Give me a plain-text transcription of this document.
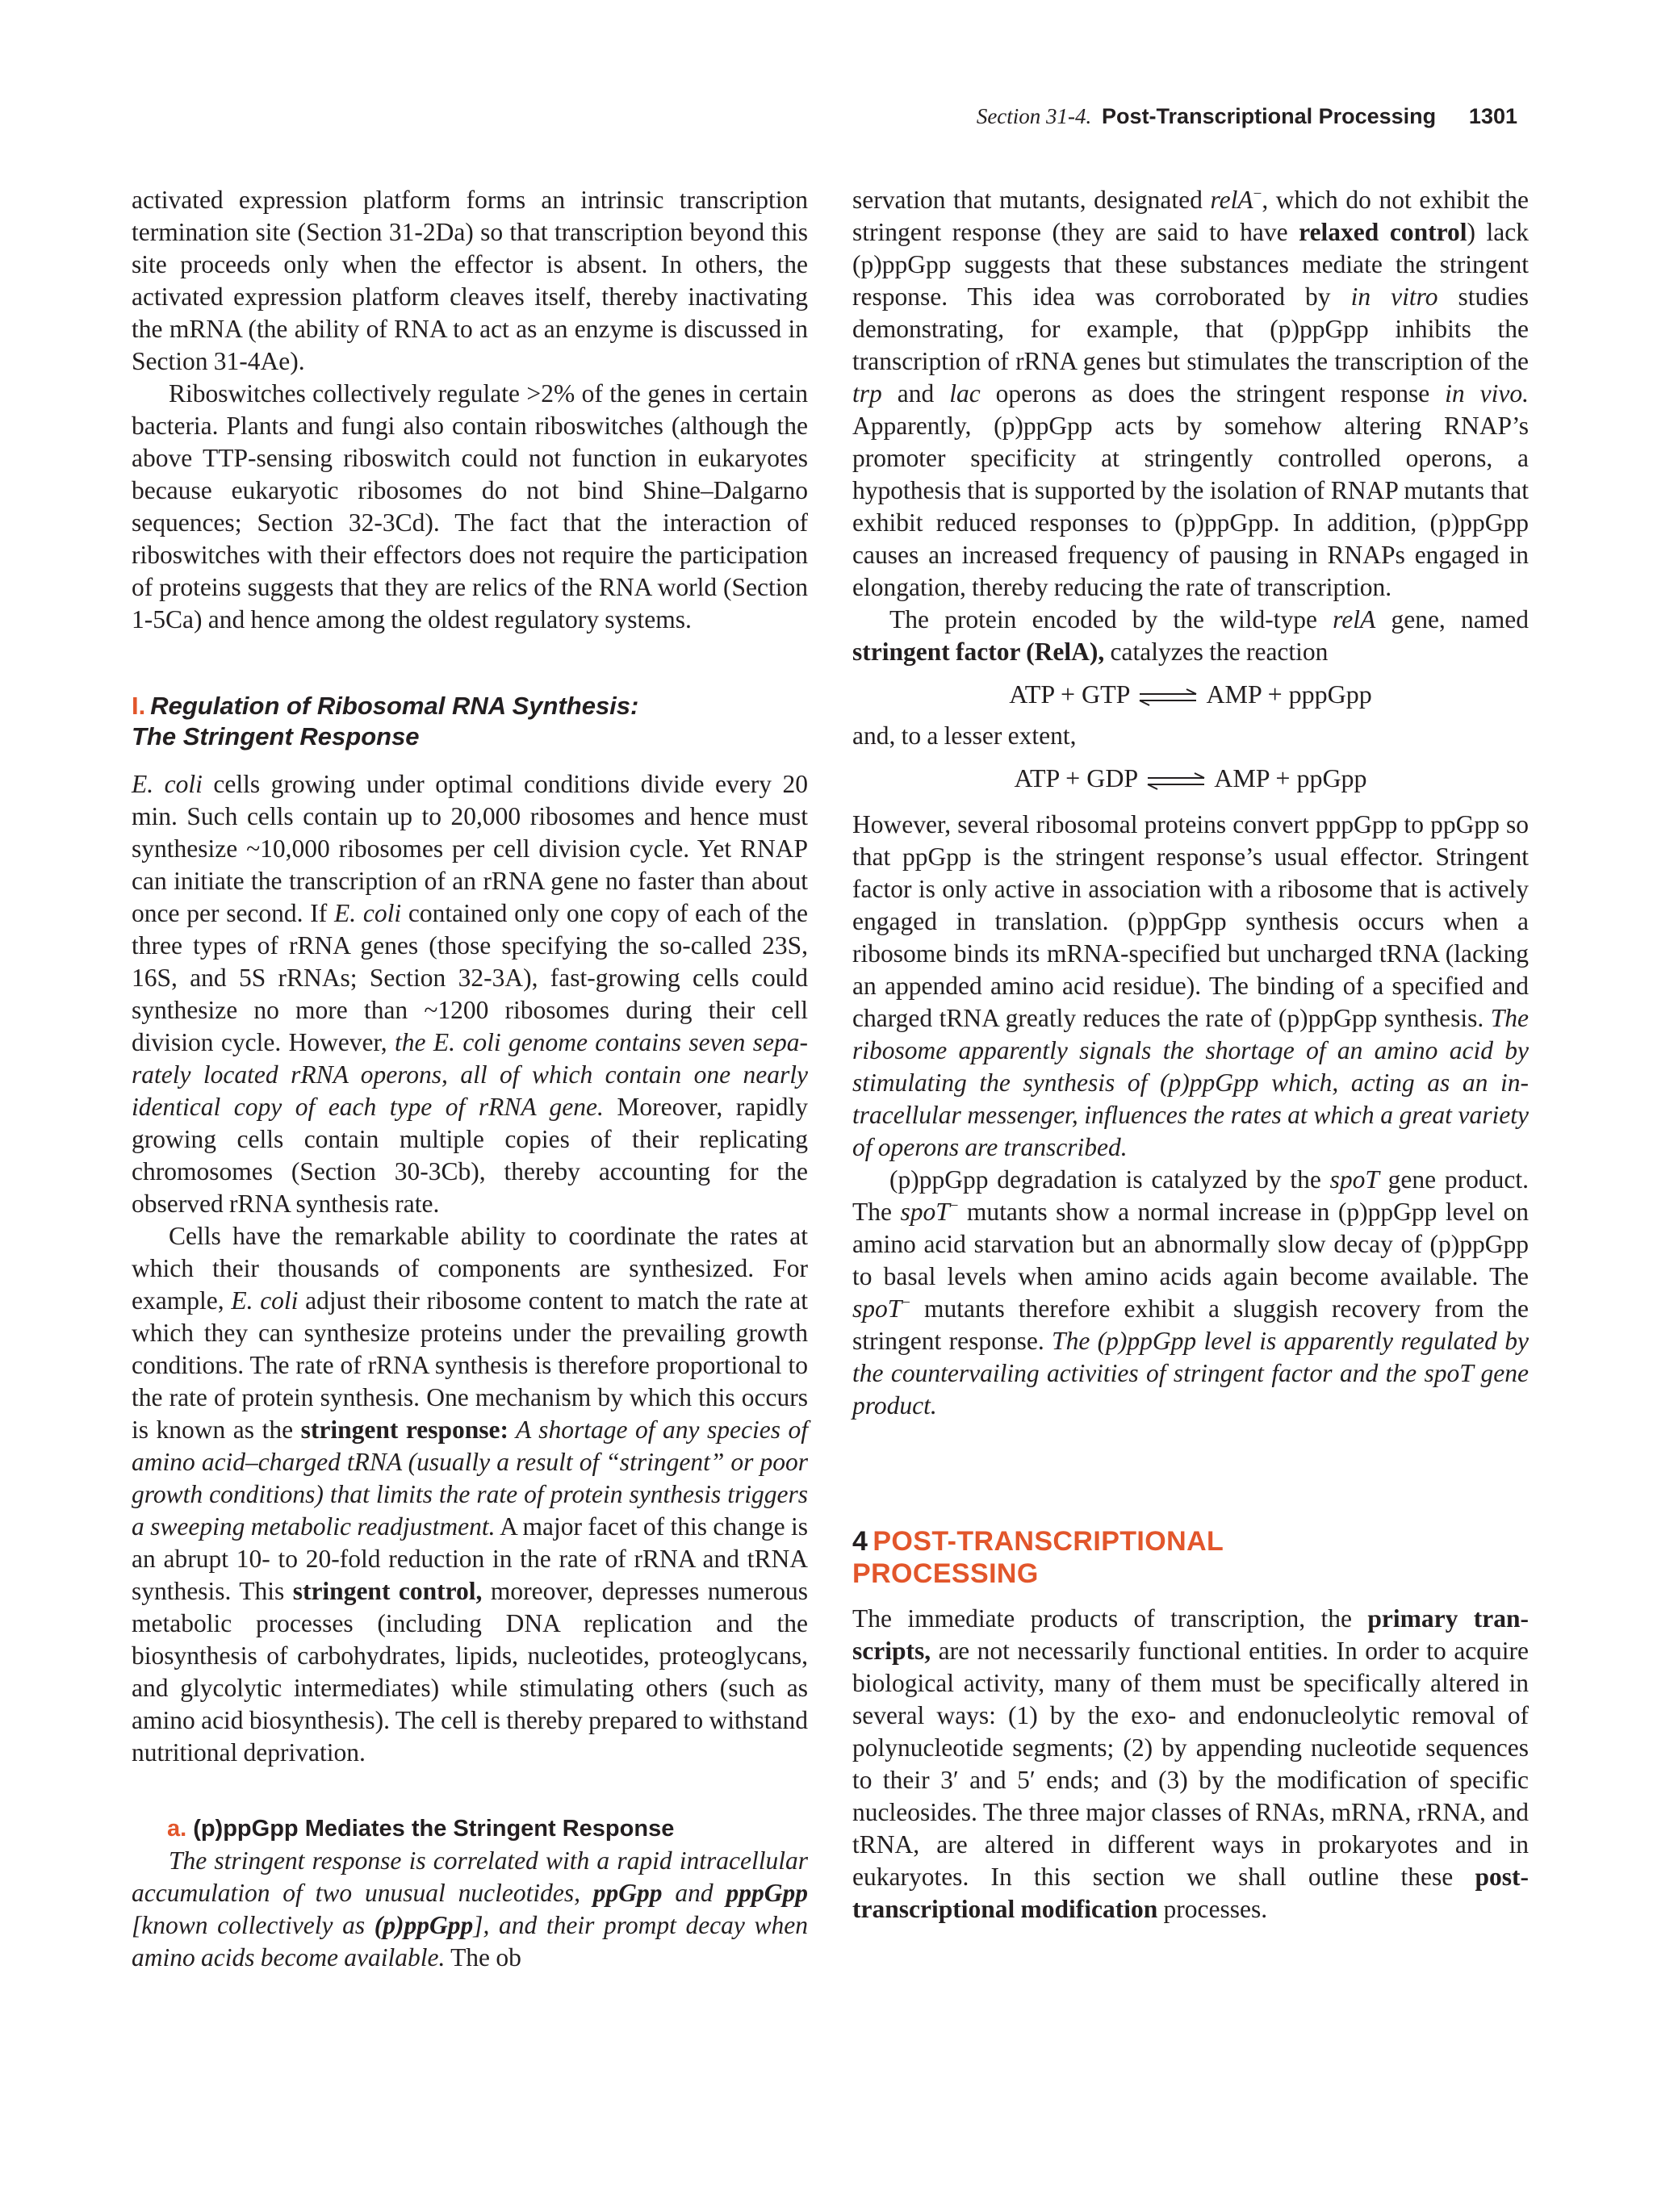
Section 31-4. Post-Transcriptional Processing 1301

activated expression platform forms an intrinsic transcription termination site (Section 31-2Da) so that transcription beyond this site proceeds only when the effector is absent. In others, the activated expression platform cleaves itself, thereby inactivating the mRNA (the ability of RNA to act as an enzyme is discussed in Section 31-4Ae).

Riboswitches collectively regulate >2% of the genes in certain bacteria. Plants and fungi also contain riboswitches (although the above TTP-sensing riboswitch could not function in eukaryotes because eukaryotic ribosomes do not bind Shine–Dalgarno sequences; Section 32-3Cd). The fact that the interaction of riboswitches with their effectors does not require the participation of proteins suggests that they are relics of the RNA world (Section 1-5Ca) and hence among the oldest regulatory systems.

I. Regulation of Ribosomal RNA Synthesis:
The Stringent Response

E. coli cells growing under optimal conditions divide every 20 min. Such cells contain up to 20,000 ribosomes and hence must synthesize ~10,000 ribosomes per cell division cycle. Yet RNAP can initiate the transcription of an rRNA gene no faster than about once per second. If E. coli contained only one copy of each of the three types of rRNA genes (those specifying the so-called 23S, 16S, and 5S rRNAs; Section 32-3A), fast-growing cells could synthesize no more than ~1200 ribosomes during their cell division cycle. However, the E. coli genome contains seven separately located rRNA operons, all of which contain one nearly identical copy of each type of rRNA gene. Moreover, rapidly growing cells contain multiple copies of their replicating chromosomes (Section 30-3Cb), thereby accounting for the observed rRNA synthesis rate.

Cells have the remarkable ability to coordinate the rates at which their thousands of components are synthesized. For example, E. coli adjust their ribosome content to match the rate at which they can synthesize proteins under the prevailing growth conditions. The rate of rRNA synthesis is therefore proportional to the rate of protein synthesis. One mechanism by which this occurs is known as the stringent response: A shortage of any species of amino acid–charged tRNA (usually a result of “stringent” or poor growth conditions) that limits the rate of protein synthesis triggers a sweeping metabolic readjustment. A major facet of this change is an abrupt 10- to 20-fold reduction in the rate of rRNA and tRNA synthesis. This stringent control, moreover, depresses numerous metabolic processes (including DNA replication and the biosynthesis of carbohydrates, lipids, nucleotides, proteoglycans, and glycolytic intermediates) while stimulating others (such as amino acid biosynthesis). The cell is thereby prepared to withstand nutritional deprivation.

a. (p)ppGpp Mediates the Stringent Response

The stringent response is correlated with a rapid intracellular accumulation of two unusual nucleotides, ppGpp and pppGpp [known collectively as (p)ppGpp], and their prompt decay when amino acids become available. The ob

servation that mutants, designated relA−, which do not exhibit the stringent response (they are said to have relaxed control) lack (p)ppGpp suggests that these substances mediate the stringent response. This idea was corroborated by in vitro studies demonstrating, for example, that (p)ppGpp inhibits the transcription of rRNA genes but stimulates the transcription of the trp and lac operons as does the stringent response in vivo. Apparently, (p)ppGpp acts by somehow altering RNAP’s promoter specificity at stringently controlled operons, a hypothesis that is supported by the isolation of RNAP mutants that exhibit reduced responses to (p)ppGpp. In addition, (p)ppGpp causes an increased frequency of pausing in RNAPs engaged in elongation, thereby reducing the rate of transcription.

The protein encoded by the wild-type relA gene, named stringent factor (RelA), catalyzes the reaction

ATP + GTP ⇌ AMP + pppGpp

and, to a lesser extent,

ATP + GDP ⇌ AMP + ppGpp

However, several ribosomal proteins convert pppGpp to ppGpp so that ppGpp is the stringent response’s usual effector. Stringent factor is only active in association with a ribosome that is actively engaged in translation. (p)ppGpp synthesis occurs when a ribosome binds its mRNA-specified but uncharged tRNA (lacking an appended amino acid residue). The binding of a specified and charged tRNA greatly reduces the rate of (p)ppGpp synthesis. The ribosome apparently signals the shortage of an amino acid by stimulating the synthesis of (p)ppGpp which, acting as an intracellular messenger, influences the rates at which a great variety of operons are transcribed.

(p)ppGpp degradation is catalyzed by the spoT gene product. The spoT− mutants show a normal increase in (p)ppGpp level on amino acid starvation but an abnormally slow decay of (p)ppGpp to basal levels when amino acids again become available. The spoT− mutants therefore exhibit a sluggish recovery from the stringent response. The (p)ppGpp level is apparently regulated by the countervailing activities of stringent factor and the spoT gene product.

4 POST-TRANSCRIPTIONAL
PROCESSING

The immediate products of transcription, the primary transcripts, are not necessarily functional entities. In order to acquire biological activity, many of them must be specifically altered in several ways: (1) by the exo- and endonucleolytic removal of polynucleotide segments; (2) by appending nucleotide sequences to their 3′ and 5′ ends; and (3) by the modification of specific nucleosides. The three major classes of RNAs, mRNA, rRNA, and tRNA, are altered in different ways in prokaryotes and in eukaryotes. In this section we shall outline these post-transcriptional modification processes.
